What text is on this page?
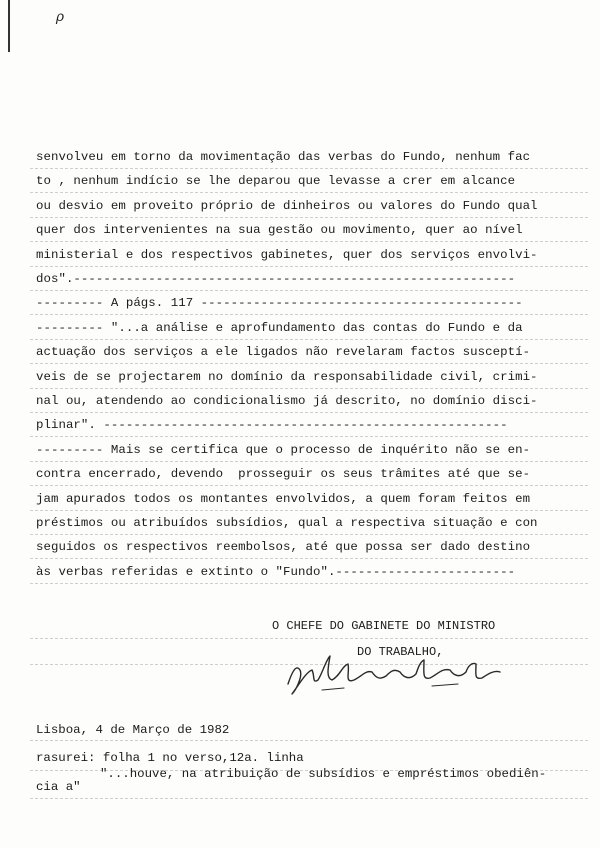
ρ
senvolveu em torno da movimentação das verbas do Fundo, nenhum fac
to , nenhum indício se lhe deparou que levasse a crer em alcance
ou desvio em proveito próprio de dinheiros ou valores do Fundo qual
quer dos intervenientes na sua gestão ou movimento, quer ao nível
ministerial e dos respectivos gabinetes, quer dos serviços envolvi-
dos".-----------------------------------------------------------
--------- A págs. 117 -------------------------------------------
--------- "...a análise e aprofundamento das contas do Fundo e da
actuação dos serviços a ele ligados não revelaram factos susceptí-
veis de se projectarem no domínio da responsabilidade civil, crimi-
nal ou, atendendo ao condicionalismo já descrito, no domínio disci-
plinar". ------------------------------------------------------
--------- Mais se certifica que o processo de inquérito não se en-
contra encerrado, devendo  prosseguir os seus trâmites até que se-
jam apurados todos os montantes envolvidos, a quem foram feitos em
préstimos ou atribuídos subsídios, qual a respectiva situação e con
seguidos os respectivos reembolsos, até que possa ser dado destino
às verbas referidas e extinto o "Fundo".------------------------
O CHEFE DO GABINETE DO MINISTRO
DO TRABALHO,
Lisboa, 4 de Março de 1982
rasurei: folha 1 no verso,12a. linha
"...houve, na atribuição de subsídios e empréstimos obediên-
cia a"
